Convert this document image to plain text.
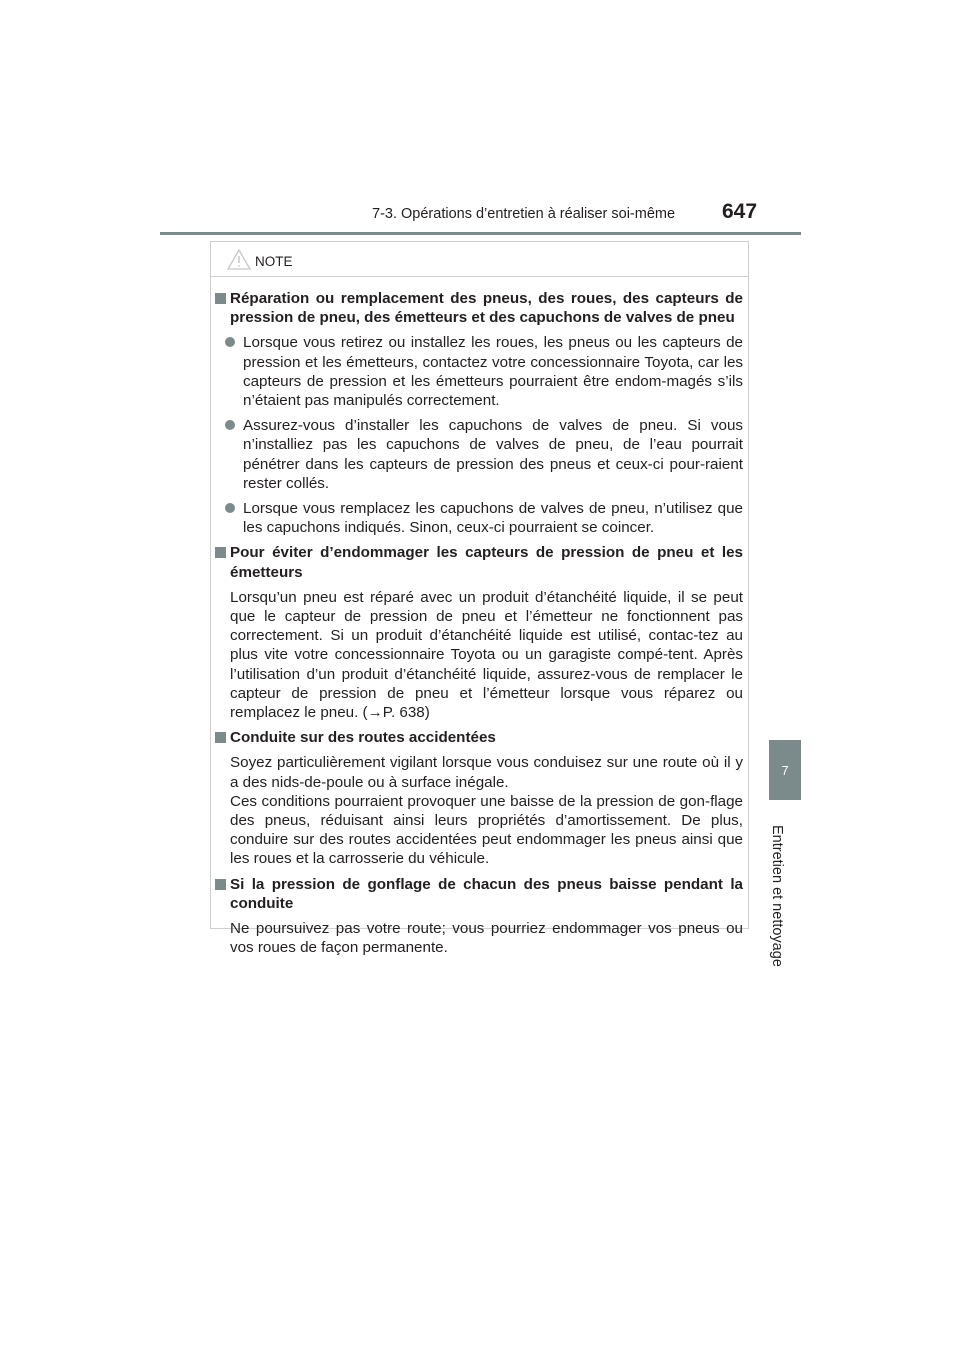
7-3. Opérations d’entretien à réaliser soi-même 647
7
Entretien et nettoyage
NOTE
Réparation ou remplacement des pneus, des roues, des capteurs de pression de pneu, des émetteurs et des capuchons de valves de pneu
Lorsque vous retirez ou installez les roues, les pneus ou les capteurs de pression et les émetteurs, contactez votre concessionnaire Toyota, car les capteurs de pression et les émetteurs pourraient être endom-magés s’ils n’étaient pas manipulés correctement.
Assurez-vous d’installer les capuchons de valves de pneu. Si vous n’installiez pas les capuchons de valves de pneu, de l’eau pourrait pénétrer dans les capteurs de pression des pneus et ceux-ci pour-raient rester collés.
Lorsque vous remplacez les capuchons de valves de pneu, n’utilisez que les capuchons indiqués. Sinon, ceux-ci pourraient se coincer.
Pour éviter d’endommager les capteurs de pression de pneu et les émetteurs
Lorsqu’un pneu est réparé avec un produit d’étanchéité liquide, il se peut que le capteur de pression de pneu et l’émetteur ne fonctionnent pas correctement. Si un produit d’étanchéité liquide est utilisé, contac-tez au plus vite votre concessionnaire Toyota ou un garagiste compé-tent. Après l’utilisation d’un produit d’étanchéité liquide, assurez-vous de remplacer le capteur de pression de pneu et l’émetteur lorsque vous réparez ou remplacez le pneu. (→P. 638)
Conduite sur des routes accidentées
Soyez particulièrement vigilant lorsque vous conduisez sur une route où il y a des nids-de-poule ou à surface inégale.
Ces conditions pourraient provoquer une baisse de la pression de gon-flage des pneus, réduisant ainsi leurs propriétés d’amortissement. De plus, conduire sur des routes accidentées peut endommager les pneus ainsi que les roues et la carrosserie du véhicule.
Si la pression de gonflage de chacun des pneus baisse pendant la conduite
Ne poursuivez pas votre route; vous pourriez endommager vos pneus ou vos roues de façon permanente.
